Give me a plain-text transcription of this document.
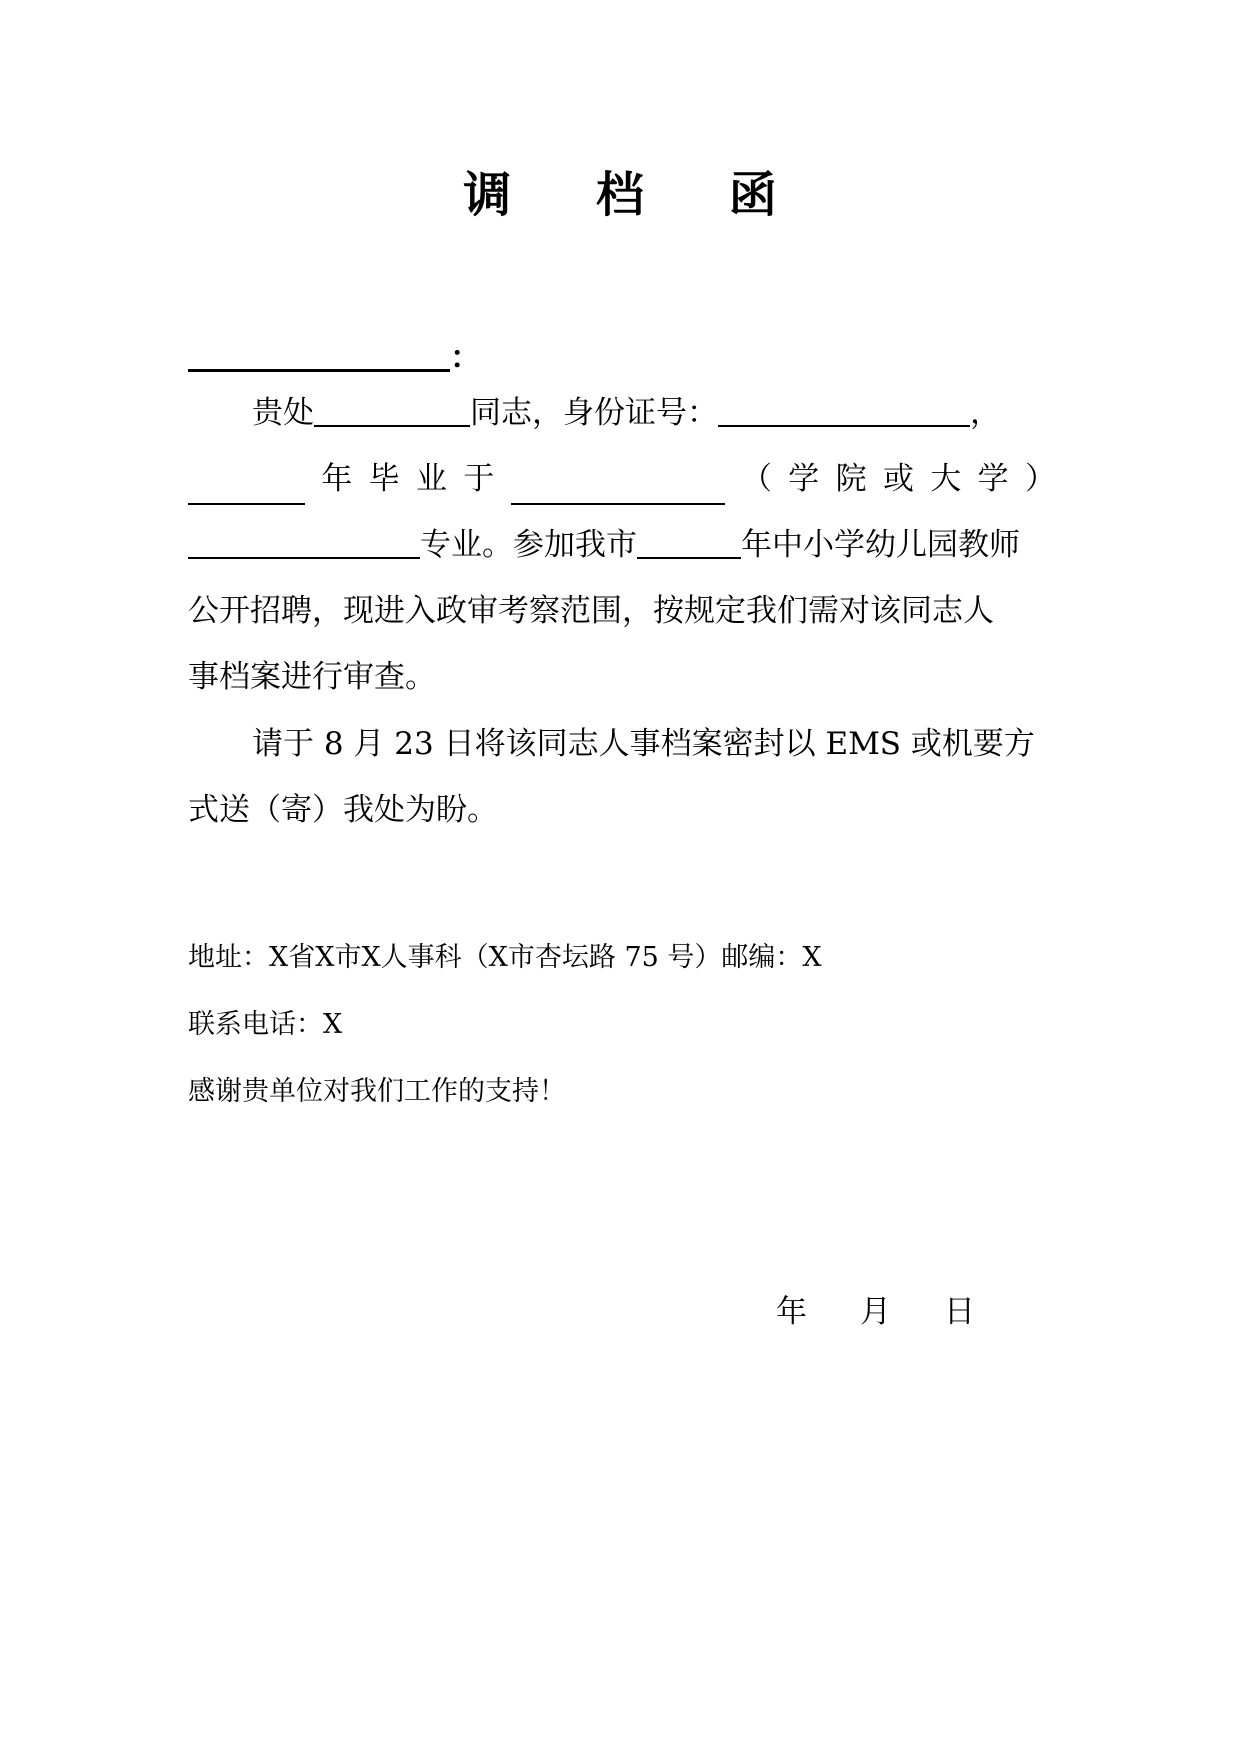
调 档 函
：
贵处	同志，身份证号：	，
年 毕 业 于	（ 学 院 或 大 学 ）
专业。参加我市	年中小学幼儿园教师
公开招聘，现进入政审考察范围，按规定我们需对该同志人
事档案进行审查。
请于 8 月 23 日将该同志人事档案密封以 EMS 或机要方
式送（寄）我处为盼。
地址：X省X市X人事科（X市杏坛路 75 号）邮编：X
联系电话：X
感谢贵单位对我们工作的支持！
年 月 日
